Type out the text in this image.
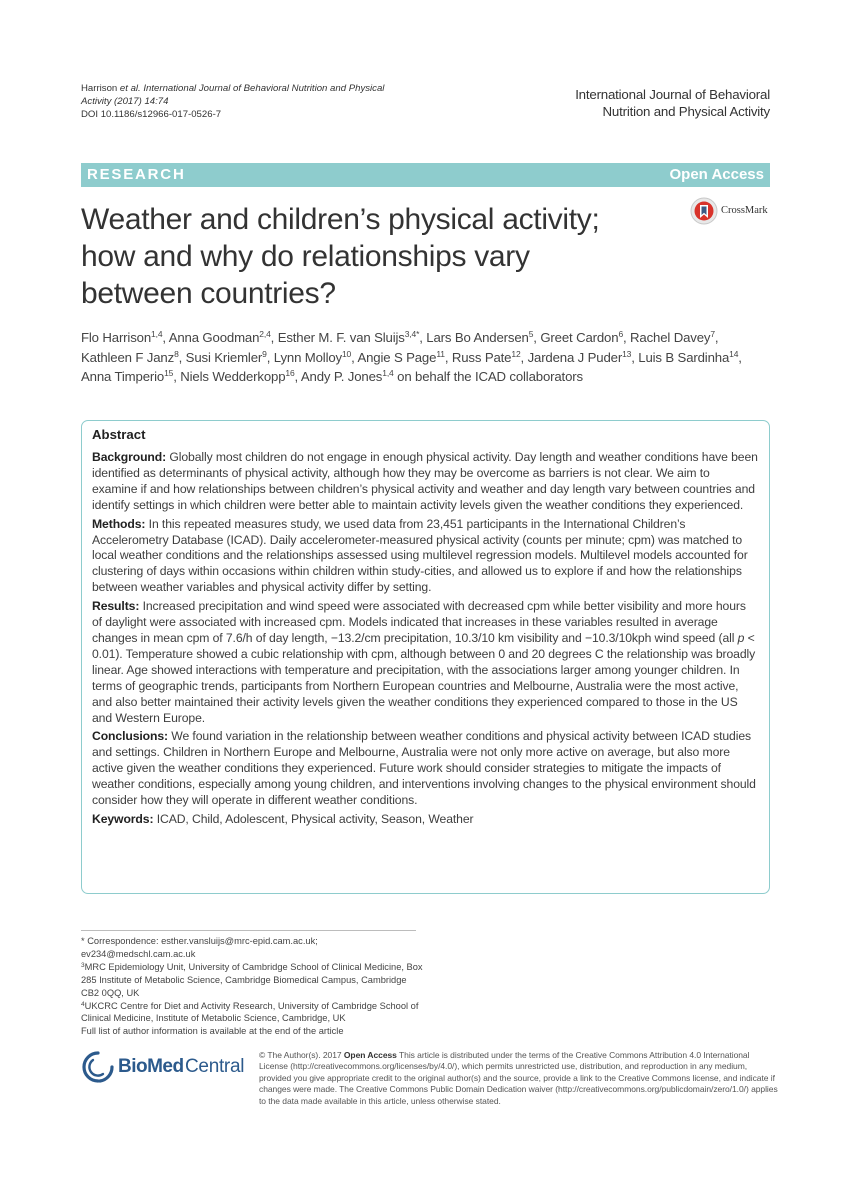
Harrison et al. International Journal of Behavioral Nutrition and Physical Activity (2017) 14:74
DOI 10.1186/s12966-017-0526-7
International Journal of Behavioral
Nutrition and Physical Activity
RESEARCH	Open Access
CrossMark
Weather and children’s physical activity;
how and why do relationships vary
between countries?
Flo Harrison$^{1,4}$, Anna Goodman$^{2,4}$, Esther M. F. van Sluijs$^{3,4*}$, Lars Bo Andersen$^5$, Greet Cardon$^6$, Rachel Davey$^7$,
Kathleen F Janz$^8$, Susi Kriemler$^9$, Lynn Molloy$^{10}$, Angie S Page$^{11}$, Russ Pate$^{12}$, Jardena J Puder$^{13}$, Luis B Sardinha$^{14}$,
Anna Timperio$^{15}$, Niels Wedderkopp$^{16}$, Andy P. Jones$^{1,4}$ on behalf the ICAD collaborators
Abstract

Background: Globally most children do not engage in enough physical activity. Day length and weather conditions have been identified as determinants of physical activity, although how they may be overcome as barriers is not clear. We aim to examine if and how relationships between children’s physical activity and weather and day length vary between countries and identify settings in which children were better able to maintain activity levels given the weather conditions they experienced.

Methods: In this repeated measures study, we used data from 23,451 participants in the International Children’s Accelerometry Database (ICAD). Daily accelerometer-measured physical activity (counts per minute; cpm) was matched to local weather conditions and the relationships assessed using multilevel regression models. Multilevel models accounted for clustering of days within occasions within children within study-cities, and allowed us to explore if and how the relationships between weather variables and physical activity differ by setting.

Results: Increased precipitation and wind speed were associated with decreased cpm while better visibility and more hours of daylight were associated with increased cpm. Models indicated that increases in these variables resulted in average changes in mean cpm of 7.6/h of day length, −13.2/cm precipitation, 10.3/10 km visibility and −10.3/10kph wind speed (all p < 0.01). Temperature showed a cubic relationship with cpm, although between 0 and 20 degrees C the relationship was broadly linear. Age showed interactions with temperature and precipitation, with the associations larger among younger children. In terms of geographic trends, participants from Northern European countries and Melbourne, Australia were the most active, and also better maintained their activity levels given the weather conditions they experienced compared to those in the US and Western Europe.

Conclusions: We found variation in the relationship between weather conditions and physical activity between ICAD studies and settings. Children in Northern Europe and Melbourne, Australia were not only more active on average, but also more active given the weather conditions they experienced. Future work should consider strategies to mitigate the impacts of weather conditions, especially among young children, and interventions involving changes to the physical environment should consider how they will operate in different weather conditions.

Keywords: ICAD, Child, Adolescent, Physical activity, Season, Weather

* Correspondence: esther.vansluijs@mrc-epid.cam.ac.uk;
ev234@medschl.cam.ac.uk
$^3$MRC Epidemiology Unit, University of Cambridge School of Clinical Medicine, Box 285 Institute of Metabolic Science, Cambridge Biomedical Campus, Cambridge CB2 0QQ, UK
$^4$UKCRC Centre for Diet and Activity Research, University of Cambridge School of Clinical Medicine, Institute of Metabolic Science, Cambridge, UK
Full list of author information is available at the end of the article
BioMed Central
© The Author(s). 2017 Open Access This article is distributed under the terms of the Creative Commons Attribution 4.0 International License (http://creativecommons.org/licenses/by/4.0/), which permits unrestricted use, distribution, and reproduction in any medium, provided you give appropriate credit to the original author(s) and the source, provide a link to the Creative Commons license, and indicate if changes were made. The Creative Commons Public Domain Dedication waiver (http://creativecommons.org/publicdomain/zero/1.0/) applies to the data made available in this article, unless otherwise stated.
